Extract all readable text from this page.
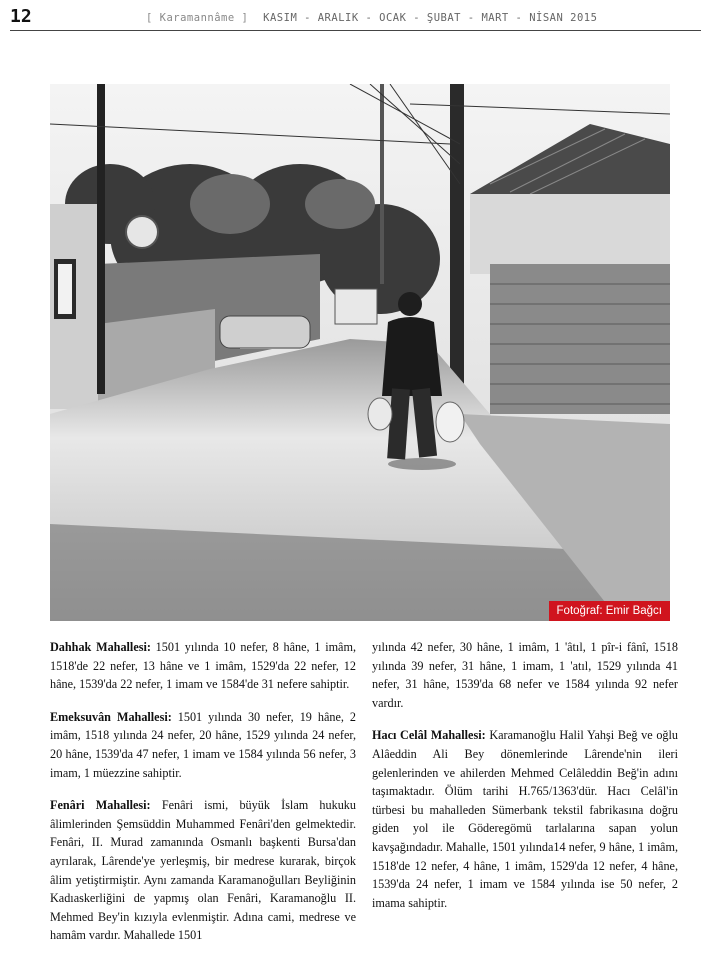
12	[ Karamannâme ] KASIM - ARALIK - OCAK - ŞUBAT - MART - NİSAN 2015
Fotoğraf: Emir Bağcı

Dahhak Mahallesi: 1501 yılında 10 nefer, 8 hâne, 1 imâm, 1518'de 22 nefer, 13 hâne ve 1 imâm, 1529'da 22 nefer, 12 hâne, 1539'da 22 nefer, 1 imam ve 1584'de 31 nefere sahiptir.

Emeksuvân Mahallesi: 1501 yılında 30 nefer, 19 hâne, 2 imâm, 1518 yılında 24 nefer, 20 hâne, 1529 yılında 24 nefer, 20 hâne, 1539'da 47 nefer, 1 imam ve 1584 yılında 56 nefer, 3 imam, 1 müezzine sahiptir.

Fenâri Mahallesi: Fenâri ismi, büyük İslam hukuku âlimlerinden Şemsüddin Muhammed Fenâri'den gelmektedir. Fenâri, II. Murad zamanında Osmanlı başkenti Bursa'dan ayrılarak, Lârende'ye yerleşmiş, bir medrese kurarak, birçok âlim yetiştirmiştir. Aynı zamanda Karamanoğulları Beyliğinin Kadıaskerliğini de yapmış olan Fenâri, Karamanoğlu II. Mehmed Bey'in kızıyla evlenmiştir. Adına cami, medrese ve hamâm vardır. Mahallede 1501

yılında 42 nefer, 30 hâne, 1 imâm, 1 'âtıl, 1 pîr-i fânî, 1518 yılında 39 nefer, 31 hâne, 1 imam, 1 'atıl, 1529 yılında 41 nefer, 31 hâne, 1539'da 68 nefer ve 1584 yılında 92 nefer vardır.

Hacı Celâl Mahallesi: Karamanoğlu Halil Yahşi Beğ ve oğlu Alâeddin Ali Bey dönemlerinde Lârende'nin ileri gelenlerinden ve ahilerden Mehmed Celâleddin Beğ'in adını taşımaktadır. Ölüm tarihi H.765/1363'dür. Hacı Celâl'in türbesi bu mahalleden Sümerbank tekstil fabrikasına doğru giden yol ile Göderegömü tarlalarına sapan yolun kavşağındadır. Mahalle, 1501 yılında14 nefer, 9 hâne, 1 imâm, 1518'de 12 nefer, 4 hâne, 1 imâm, 1529'da 12 nefer, 4 hâne, 1539'da 24 nefer, 1 imam ve 1584 yılında ise 50 nefer, 2 imama sahiptir.
